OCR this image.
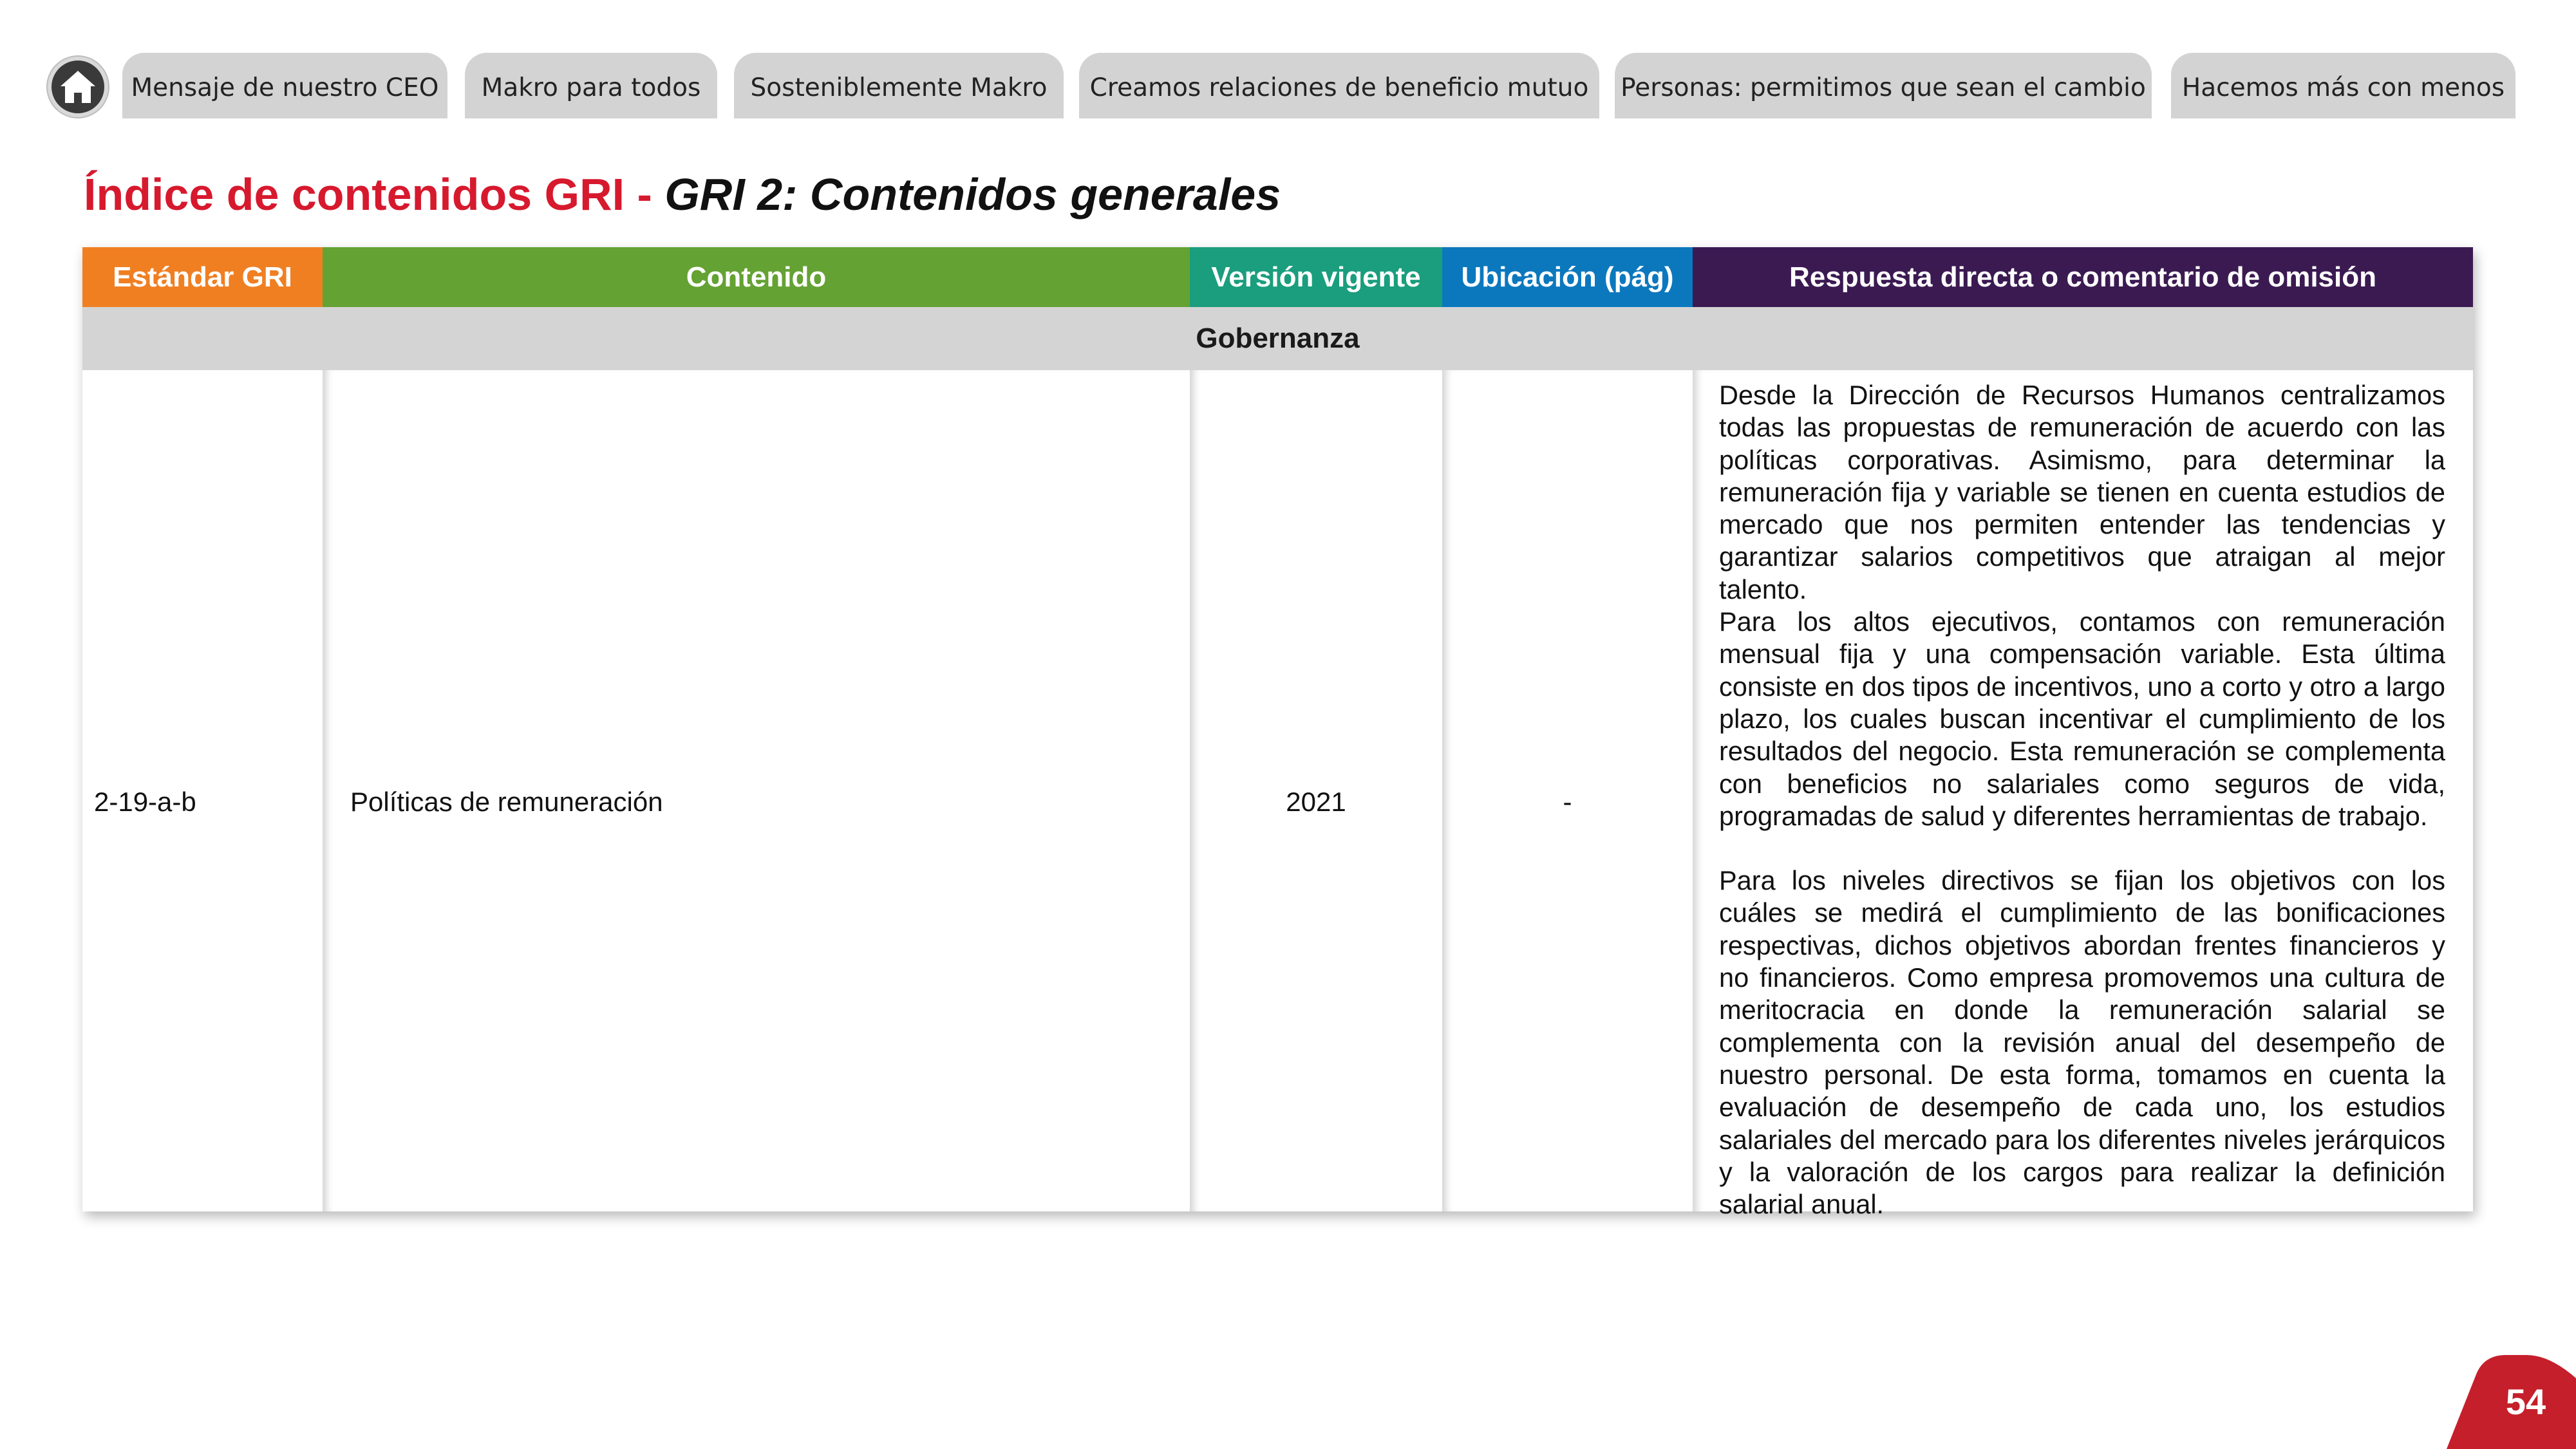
Mensaje de nuestro CEO	Makro para todos	Sosteniblemente Makro	Creamos relaciones de beneficio mutuo	Personas: permitimos que sean el cambio	Hacemos más con menos
Índice de contenidos GRI - GRI 2: Contenidos generales
Estándar GRI	Contenido	Versión vigente	Ubicación (pág)	Respuesta directa o comentario de omisión
Gobernanza
2-19-a-b	Políticas de remuneración	2021	-

Desde la Dirección de Recursos Humanos centralizamos todas las propuestas de remuneración de acuerdo con las políticas corporativas. Asimismo, para determinar la remuneración fija y variable se tienen en cuenta estudios de mercado que nos permiten entender las tendencias y garantizar salarios competitivos que atraigan al mejor talento.

Para los altos ejecutivos, contamos con remuneración mensual fija y una compensación variable. Esta última consiste en dos tipos de incentivos, uno a corto y otro a largo plazo, los cuales buscan incentivar el cumplimiento de los resultados del negocio. Esta remuneración se complementa con beneficios no salariales como seguros de vida, programadas de salud y diferentes herramientas de trabajo.

Para los niveles directivos se fijan los objetivos con los cuáles se medirá el cumplimiento de las bonificaciones respectivas, dichos objetivos abordan frentes financieros y no financieros. Como empresa promovemos una cultura de meritocracia en donde la remuneración salarial se complementa con la revisión anual del desempeño de nuestro personal. De esta forma, tomamos en cuenta la evaluación de desempeño de cada uno, los estudios salariales del mercado para los diferentes niveles jerárquicos y la valoración de los cargos para realizar la definición salarial anual.

54
